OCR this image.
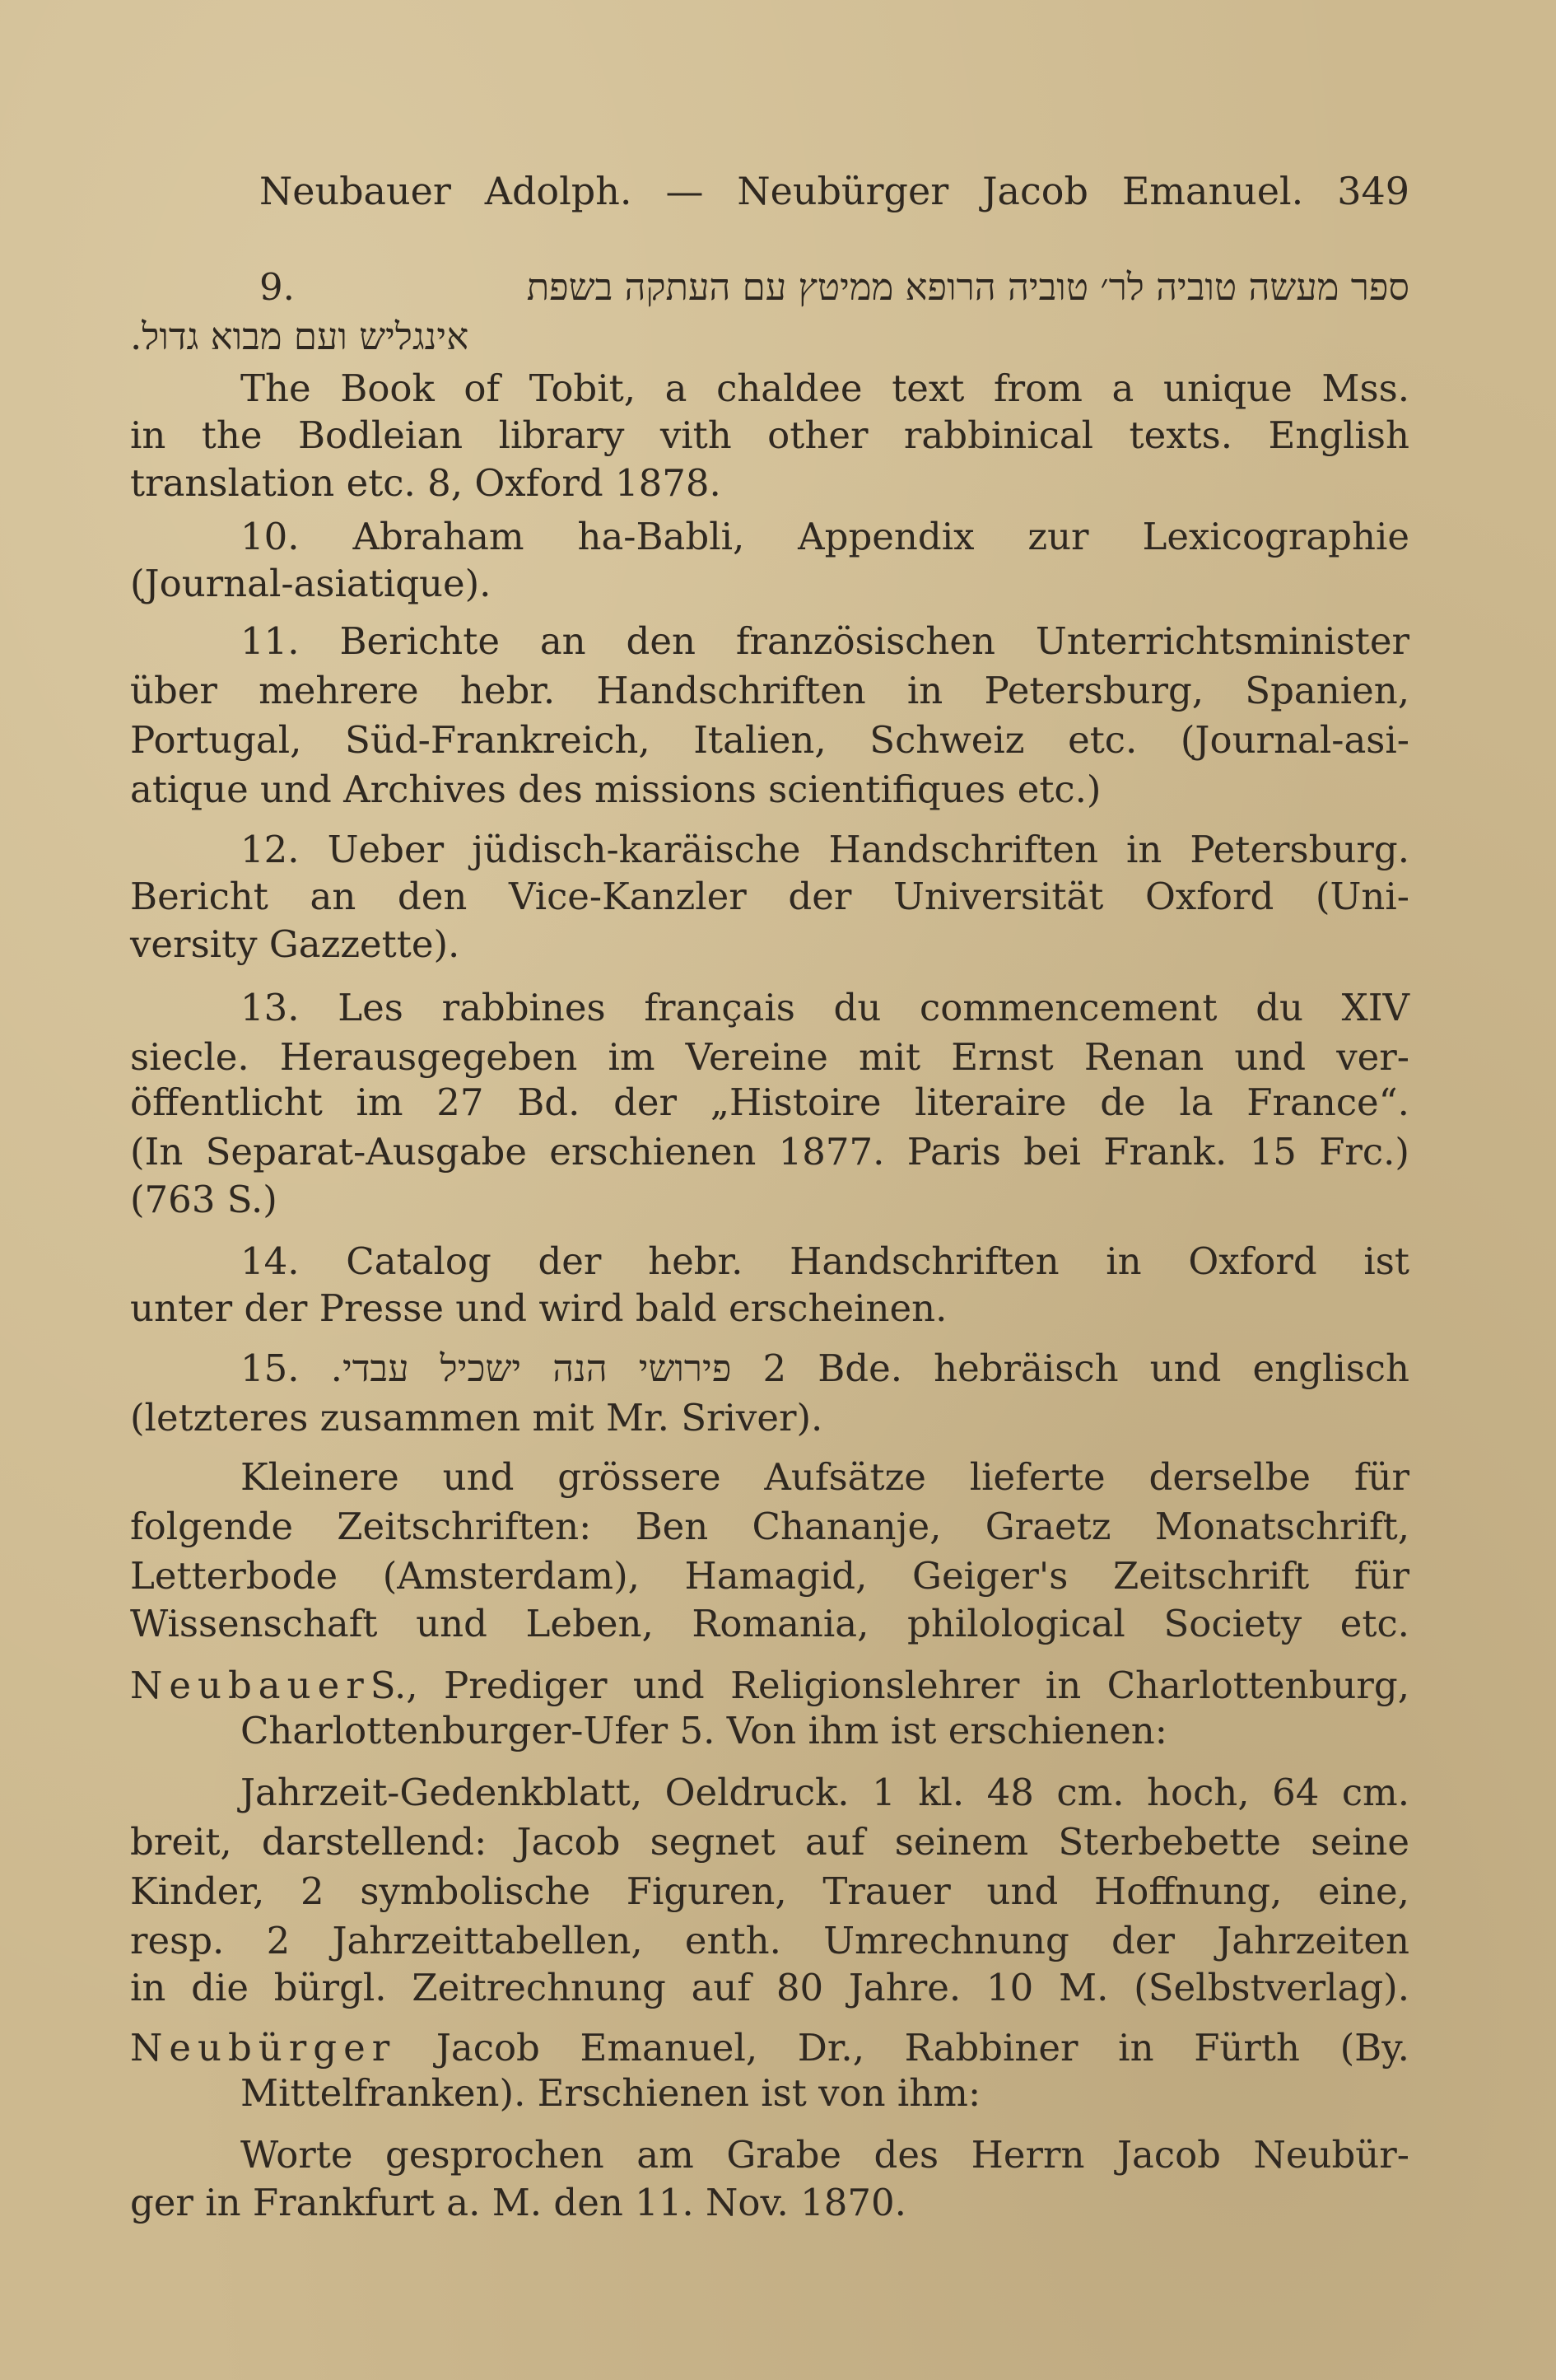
Neubauer Adolph. — Neubürger Jacob Emanuel. 349
9.	ספר מעשה טוביה לר׳ טוביה הרופא ממיטץ עם העתקה בשפת
אינגליש ועם מבוא גדול.
The Book of Tobit, a chaldee text from a unique Mss.
in the Bodleian library vith other rabbinical texts. English
translation etc. 8, Oxford 1878.
10. Abraham ha-Babli, Appendix zur Lexicographie
(Journal-asiatique).
11. Berichte an den französischen Unterrichtsminister
über mehrere hebr. Handschriften in Petersburg, Spanien,
Portugal, Süd-Frankreich, Italien, Schweiz etc. (Journal-asi-
atique und Archives des missions scientifiques etc.)
12. Ueber jüdisch-karäische Handschriften in Petersburg.
Bericht an den Vice-Kanzler der Universität Oxford (Uni-
versity Gazzette).
13. Les rabbines français du commencement du XIV
siecle. Herausgegeben im Vereine mit Ernst Renan und ver-
öffentlicht im 27 Bd. der „Histoire literaire de la France“.
(In Separat-Ausgabe erschienen 1877. Paris bei Frank. 15 Frc.)
(763 S.)
14. Catalog der hebr. Handschriften in Oxford ist
unter der Presse und wird bald erscheinen.
15. פירושי הנה ישכיל עבדי. 2 Bde. hebräisch und englisch
(letzteres zusammen mit Mr. Sriver).
Kleinere und grössere Aufsätze lieferte derselbe für
folgende Zeitschriften: Ben Chananje, Graetz Monatschrift,
Letterbode (Amsterdam), Hamagid, Geiger's Zeitschrift für
Wissenschaft und Leben, Romania, philological Society etc.
NeubauerS., Prediger und Religionslehrer in Charlottenburg,
Charlottenburger-Ufer 5. Von ihm ist erschienen:
Jahrzeit-Gedenkblatt, Oeldruck. 1 kl. 48 cm. hoch, 64 cm.
breit, darstellend: Jacob segnet auf seinem Sterbebette seine
Kinder, 2 symbolische Figuren, Trauer und Hoffnung, eine,
resp. 2 Jahrzeittabellen, enth. Umrechnung der Jahrzeiten
in die bürgl. Zeitrechnung auf 80 Jahre. 10 M. (Selbstverlag).
Neubürger Jacob Emanuel, Dr., Rabbiner in Fürth (By.
Mittelfranken). Erschienen ist von ihm:
Worte gesprochen am Grabe des Herrn Jacob Neubür-
ger in Frankfurt a. M. den 11. Nov. 1870.
